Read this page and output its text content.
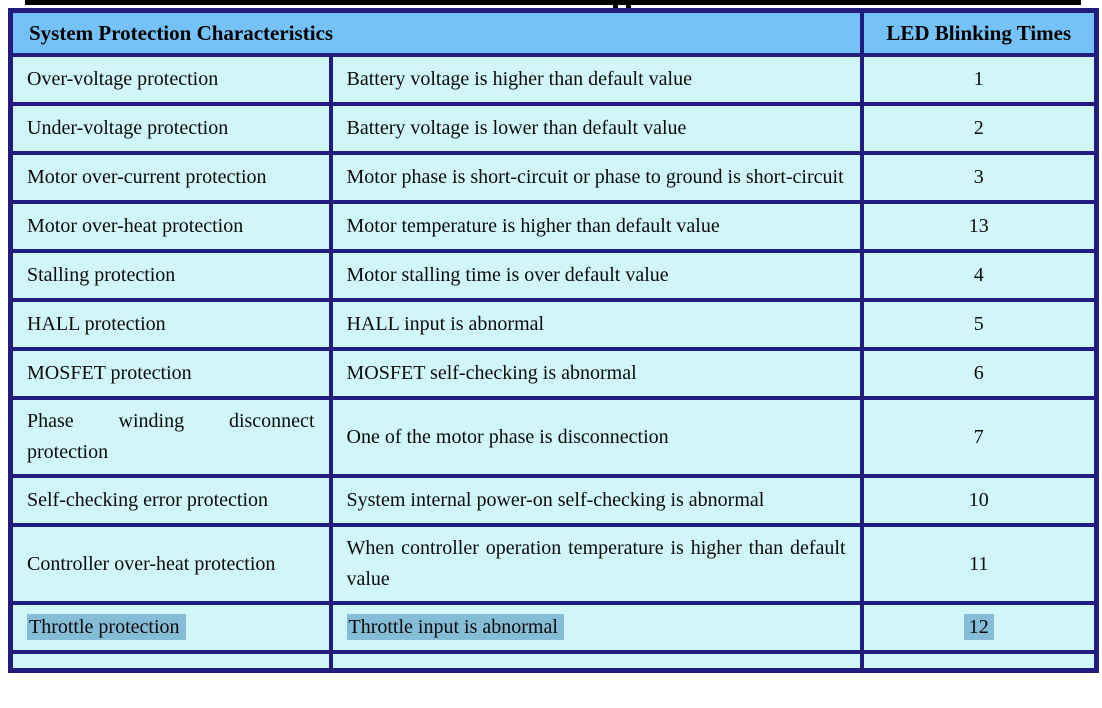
System Protection Characteristics		LED Blinking Times
Over-voltage protection	Battery voltage is higher than default value	1
Under-voltage protection	Battery voltage is lower than default value	2
Motor over-current protection	Motor phase is short-circuit or phase to ground is short-circuit	3
Motor over-heat protection	Motor temperature is higher than default value	13
Stalling protection	Motor stalling time is over default value	4
HALL protection	HALL input is abnormal	5
MOSFET protection	MOSFET self-checking is abnormal	6
Phase winding disconnect protection	One of the motor phase is disconnection	7
Self-checking error protection	System internal power-on self-checking is abnormal	10
Controller over-heat protection	When controller operation temperature is higher than default value	11
Throttle protection	Throttle input is abnormal	12
